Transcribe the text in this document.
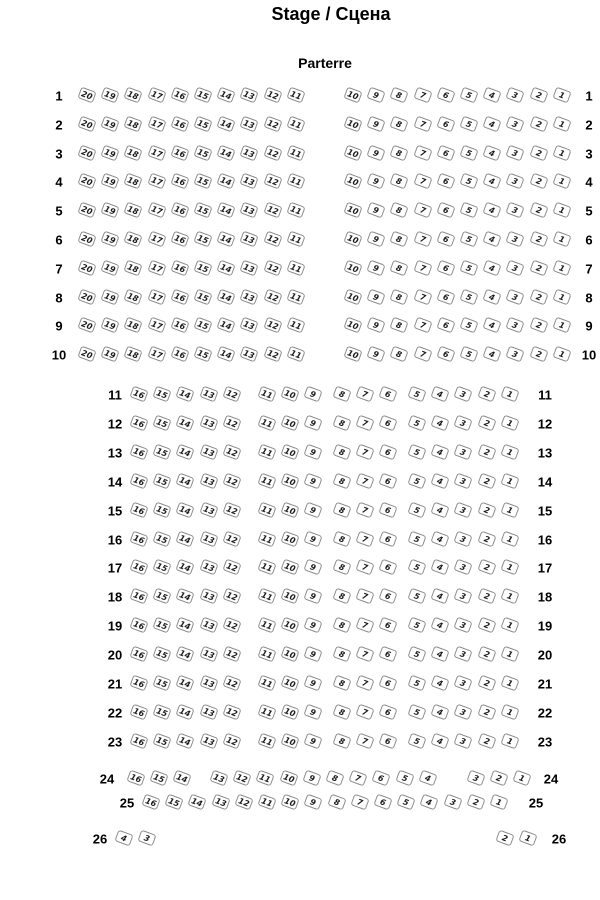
Stage / Сцена
Parterre
1	20	19	18	17	16	15	14	13	12	11	10	9	8	7	6	5	4	3	2	1	1
2	20	19	18	17	16	15	14	13	12	11	10	9	8	7	6	5	4	3	2	1	2
3	20	19	18	17	16	15	14	13	12	11	10	9	8	7	6	5	4	3	2	1	3
4	20	19	18	17	16	15	14	13	12	11	10	9	8	7	6	5	4	3	2	1	4
5	20	19	18	17	16	15	14	13	12	11	10	9	8	7	6	5	4	3	2	1	5
6	20	19	18	17	16	15	14	13	12	11	10	9	8	7	6	5	4	3	2	1	6
7	20	19	18	17	16	15	14	13	12	11	10	9	8	7	6	5	4	3	2	1	7
8	20	19	18	17	16	15	14	13	12	11	10	9	8	7	6	5	4	3	2	1	8
9	20	19	18	17	16	15	14	13	12	11	10	9	8	7	6	5	4	3	2	1	9
10	20	19	18	17	16	15	14	13	12	11	10	9	8	7	6	5	4	3	2	1	10
11	16	15	14	13	12	11	10	9	8	7	6	5	4	3	2	1	11
12	16	15	14	13	12	11	10	9	8	7	6	5	4	3	2	1	12
13	16	15	14	13	12	11	10	9	8	7	6	5	4	3	2	1	13
14	16	15	14	13	12	11	10	9	8	7	6	5	4	3	2	1	14
15	16	15	14	13	12	11	10	9	8	7	6	5	4	3	2	1	15
16	16	15	14	13	12	11	10	9	8	7	6	5	4	3	2	1	16
17	16	15	14	13	12	11	10	9	8	7	6	5	4	3	2	1	17
18	16	15	14	13	12	11	10	9	8	7	6	5	4	3	2	1	18
19	16	15	14	13	12	11	10	9	8	7	6	5	4	3	2	1	19
20	16	15	14	13	12	11	10	9	8	7	6	5	4	3	2	1	20
21	16	15	14	13	12	11	10	9	8	7	6	5	4	3	2	1	21
22	16	15	14	13	12	11	10	9	8	7	6	5	4	3	2	1	22
23	16	15	14	13	12	11	10	9	8	7	6	5	4	3	2	1	23
24	16	15	14	13	12	11	10	9	8	7	6	5	4	3	2	1	24
25	16	15	14	13	12	11	10	9	8	7	6	5	4	3	2	1	25
26	4	3	2	1	26
